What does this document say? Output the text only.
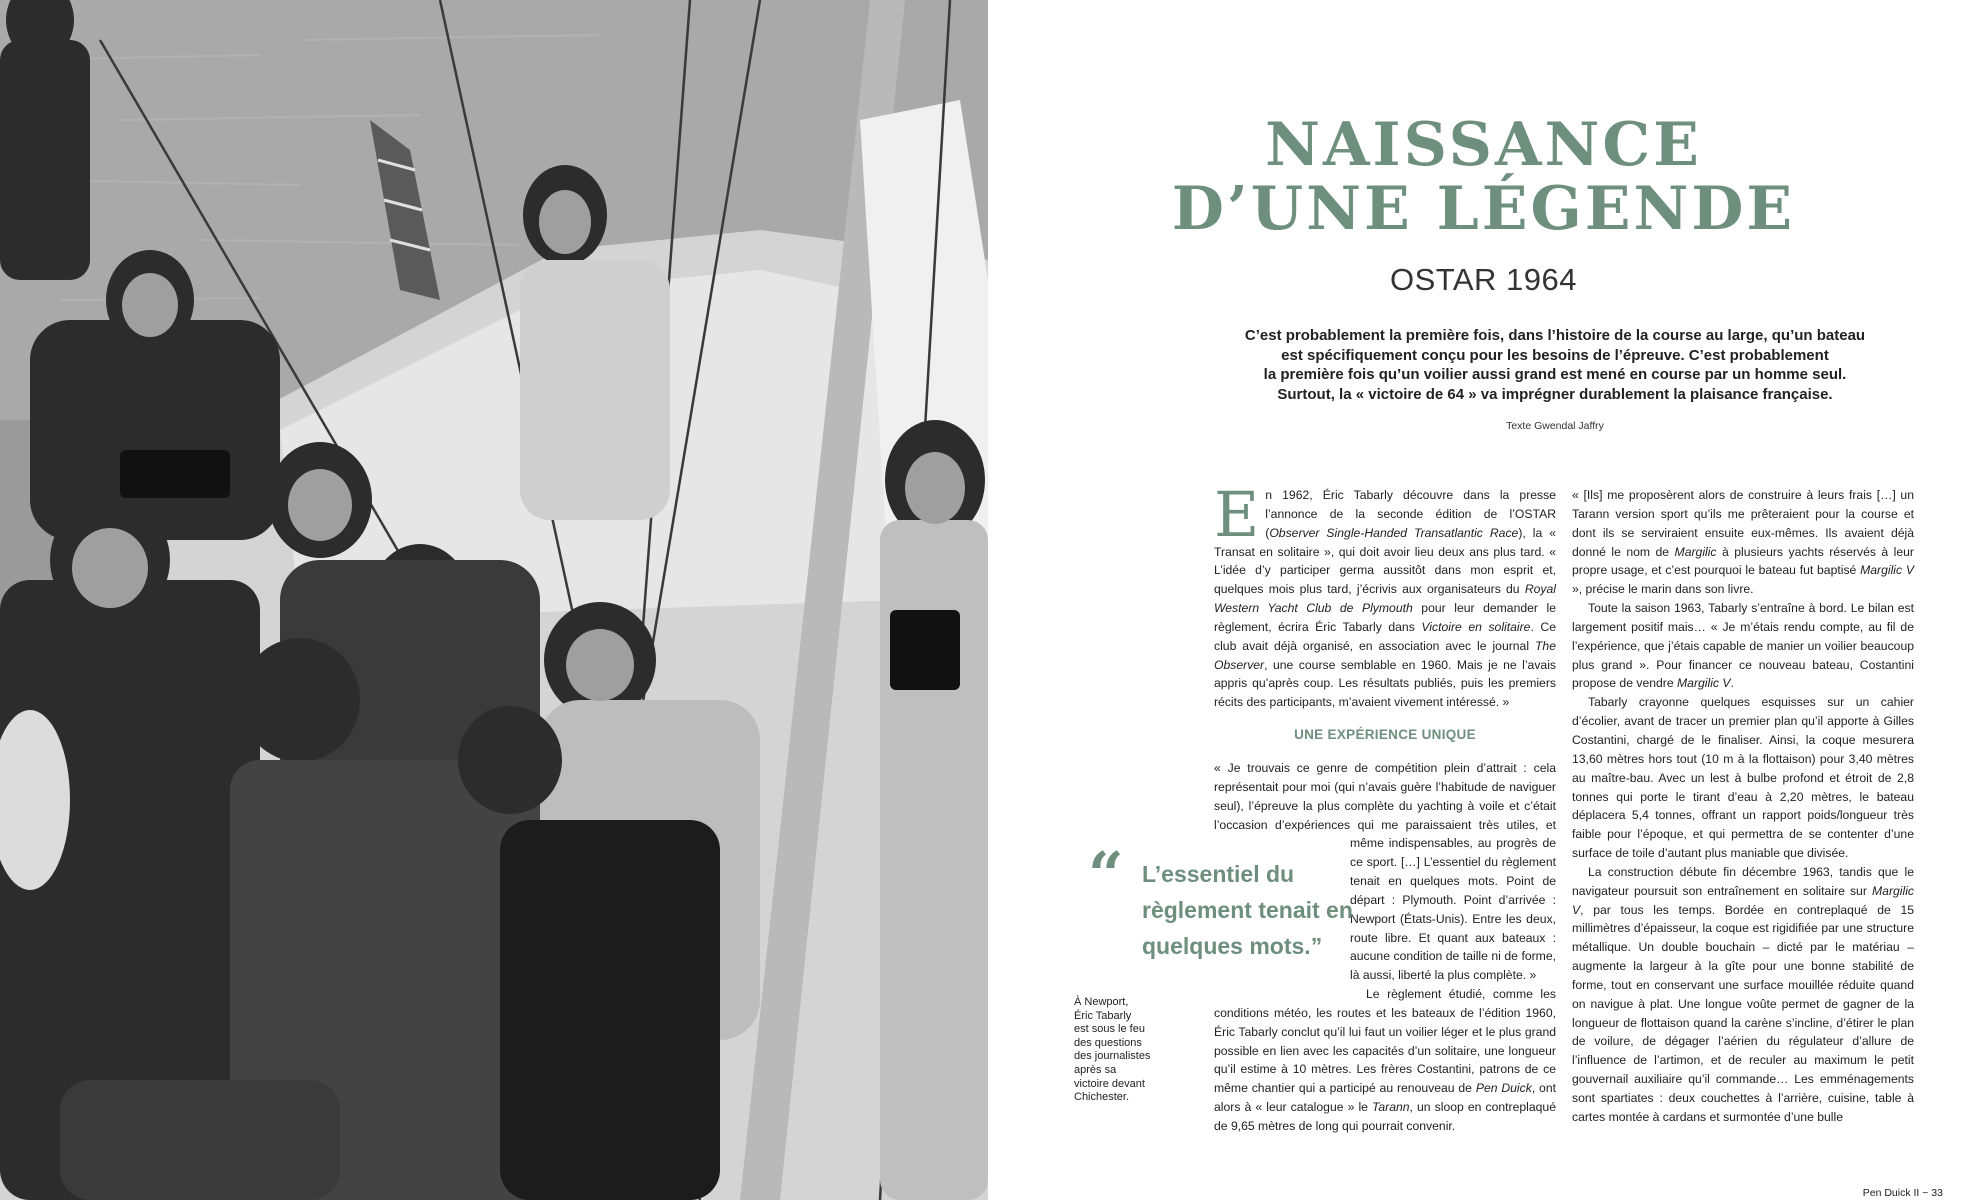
NAISSANCE
D’UNE LÉGENDE
OSTAR 1964
C’est probablement la première fois, dans l’histoire de la course au large, qu’un bateau
est spécifiquement conçu pour les besoins de l’épreuve. C’est probablement
la première fois qu’un voilier aussi grand est mené en course par un homme seul.
Surtout, la « victoire de 64 » va imprégner durablement la plaisance française.
Texte Gwendal Jaffry

En 1962, Éric Tabarly découvre dans la presse l’annonce de la seconde édition de l’OSTAR (Observer Single-Handed Transatlantic Race), la « Transat en solitaire », qui doit avoir lieu deux ans plus tard. « L’idée d’y participer germa aussitôt dans mon esprit et, quelques mois plus tard, j’écrivis aux organisateurs du Royal Western Yacht Club de Plymouth pour leur demander le règlement, écrira Éric Tabarly dans Victoire en solitaire. Ce club avait déjà organisé, en association avec le journal The Observer, une course semblable en 1960. Mais je ne l’avais appris qu’après coup. Les résultats publiés, puis les premiers récits des participants, m’avaient vivement intéressé. »

UNE EXPÉRIENCE UNIQUE

« Je trouvais ce genre de compétition plein d’attrait : cela représentait pour moi (qui n’avais guère l’habitude de naviguer seul), l’épreuve la plus complète du yachting à voile et c’était l’occasion d’expériences qui me paraissaient très utiles, et même indispensables, au progrès de ce sport. […] L’essentiel du règlement tenait en quelques mots. Point de départ : Plymouth. Point d’arrivée : Newport (États-Unis). Entre les deux, route libre. Et quant aux bateaux : aucune condition de taille ni de forme, là aussi, liberté la plus complète. »

Le règlement étudié, comme les conditions météo, les routes et les bateaux de l’édition 1960, Éric Tabarly conclut qu’il lui faut un voilier léger et le plus grand possible en lien avec les capacités d’un solitaire, une longueur qu’il estime à 10 mètres. Les frères Costantini, patrons de ce même chantier qui a participé au renouveau de Pen Duick, ont alors à « leur catalogue » le Tarann, un sloop en contreplaqué de 9,65 mètres de long qui pourrait convenir.

« [Ils] me proposèrent alors de construire à leurs frais […] un Tarann version sport qu’ils me prêteraient pour la course et dont ils se serviraient ensuite eux-mêmes. Ils avaient déjà donné le nom de Margilic à plusieurs yachts réservés à leur propre usage, et c’est pourquoi le bateau fut baptisé Margilic V », précise le marin dans son livre.

Toute la saison 1963, Tabarly s’entraîne à bord. Le bilan est largement positif mais… « Je m’étais rendu compte, au fil de l’expérience, que j’étais capable de manier un voilier beaucoup plus grand ». Pour financer ce nouveau bateau, Costantini propose de vendre Margilic V.

Tabarly crayonne quelques esquisses sur un cahier d’écolier, avant de tracer un premier plan qu’il apporte à Gilles Costantini, chargé de le finaliser. Ainsi, la coque mesurera 13,60 mètres hors tout (10 m à la flottaison) pour 3,40 mètres au maître-bau. Avec un lest à bulbe profond et étroit de 2,8 tonnes qui porte le tirant d’eau à 2,20 mètres, le bateau déplacera 5,4 tonnes, offrant un rapport poids/longueur très faible pour l’époque, et qui permettra de se contenter d’une surface de toile d’autant plus maniable que divisée.

La construction débute fin décembre 1963, tandis que le navigateur poursuit son entraînement en solitaire sur Margilic V, par tous les temps. Bordée en contreplaqué de 15 millimètres d’épaisseur, la coque est rigidifiée par une structure métallique. Un double bouchain – dicté par le matériau – augmente la largeur à la gîte pour une bonne stabilité de forme, tout en conservant une surface mouillée réduite quand on navigue à plat. Une longue voûte permet de gagner de la longueur de flottaison quand la carène s’incline, d’étirer le plan de voilure, de dégager l’aérien du régulateur d’allure de l’influence de l’artimon, et de reculer au maximum le petit gouvernail auxiliaire qu’il commande… Les emménagements sont spartiates : deux couchettes à l’arrière, cuisine, table à cartes montée à cardans et surmontée d’une bulle

“ L’essentiel du
règlement tenait en
quelques mots.”
À Newport,
Éric Tabarly
est sous le feu
des questions
des journalistes
après sa
victoire devant
Chichester.
Pen Duick II ~ 33
